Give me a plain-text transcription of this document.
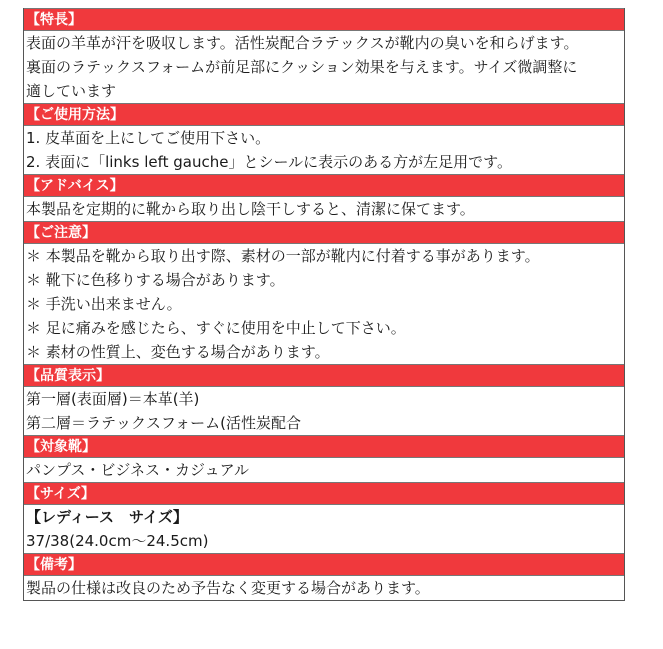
【特長】
表面の羊革が汗を吸収します。活性炭配合ラテックスが靴内の臭いを和らげます。
裏面のラテックスフォームが前足部にクッション効果を与えます。サイズ微調整に
適しています
【ご使用方法】
1. 皮革面を上にしてご使用下さい。
2. 表面に「links left gauche」とシールに表示のある方が左足用です。
【アドバイス】
本製品を定期的に靴から取り出し陰干しすると、清潔に保てます。
【ご注意】
＊ 本製品を靴から取り出す際、素材の一部が靴内に付着する事があります。
＊ 靴下に色移りする場合があります。
＊ 手洗い出来ません。
＊ 足に痛みを感じたら、すぐに使用を中止して下さい。
＊ 素材の性質上、変色する場合があります。
【品質表示】
第一層(表面層)＝本革(羊)
第二層＝ラテックスフォーム(活性炭配合
【対象靴】
パンプス・ビジネス・カジュアル
【サイズ】
【レディース　サイズ】
37/38(24.0cm～24.5cm)
【備考】
製品の仕様は改良のため予告なく変更する場合があります。
